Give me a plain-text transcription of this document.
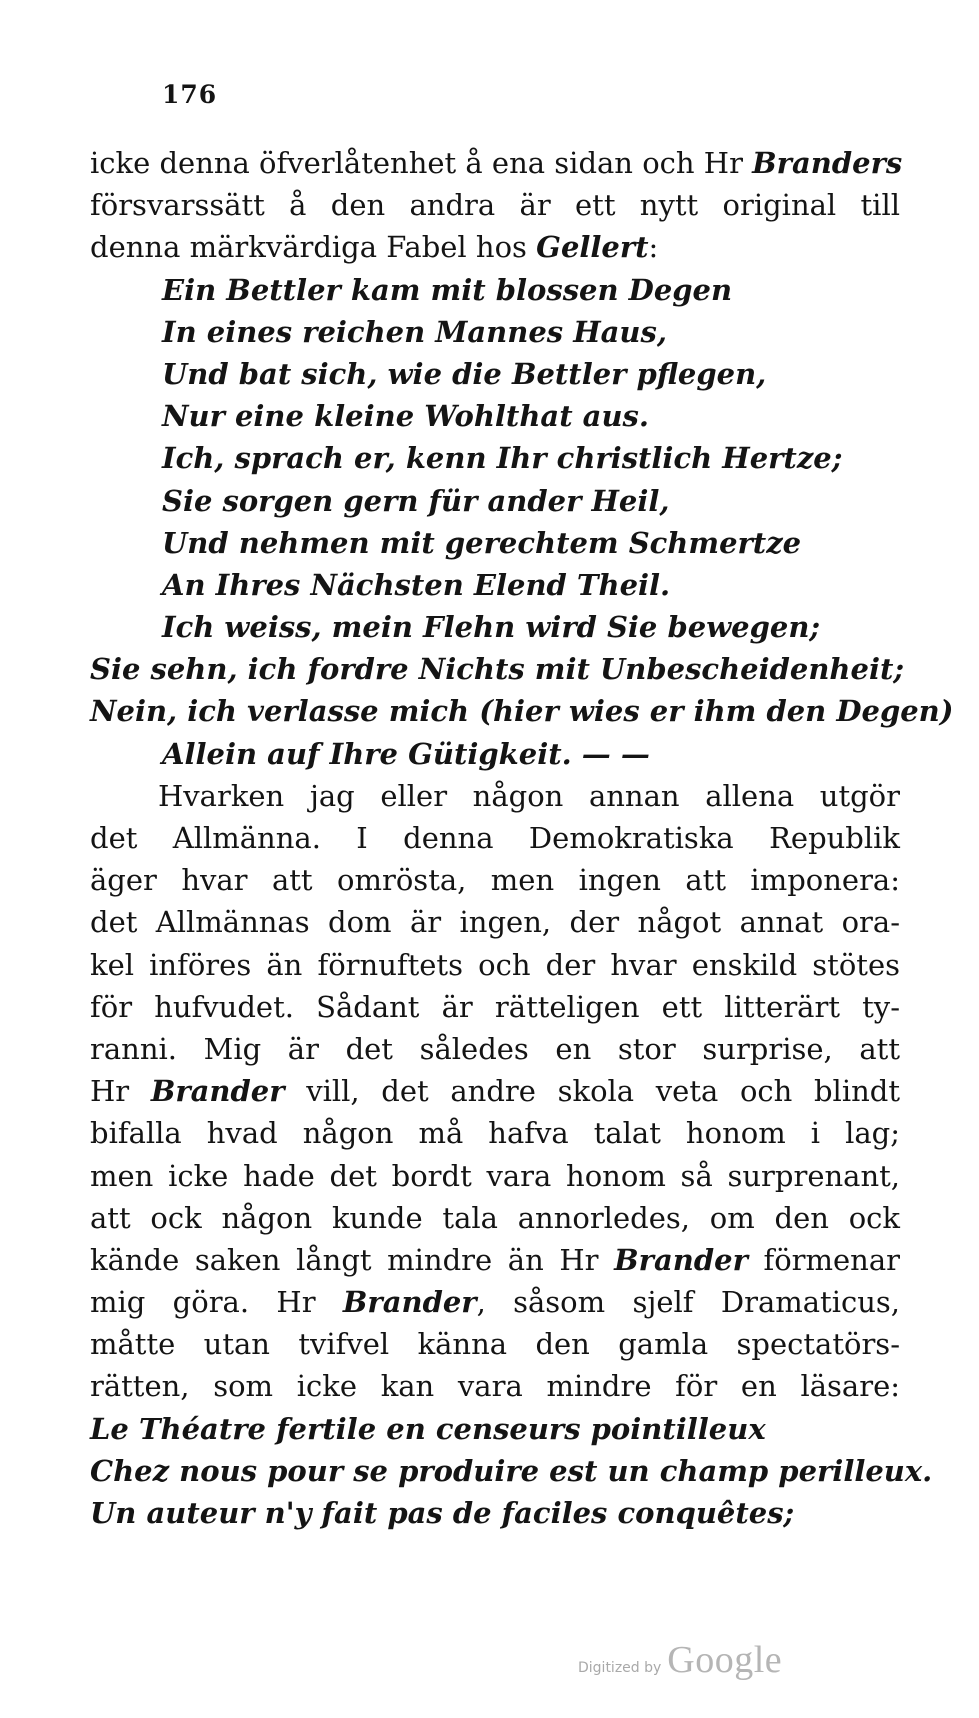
176
icke denna öfverlåtenhet å ena sidan och Hr Branders
försvarssätt å den andra är ett nytt original till
denna märkvärdiga Fabel hos Gellert:
Ein Bettler kam mit blossen Degen
In eines reichen Mannes Haus,
Und bat sich, wie die Bettler pflegen,
Nur eine kleine Wohlthat aus.
Ich, sprach er, kenn Ihr christlich Hertze;
Sie sorgen gern für ander Heil,
Und nehmen mit gerechtem Schmertze
An Ihres Nächsten Elend Theil.
Ich weiss, mein Flehn wird Sie bewegen;
Sie sehn, ich fordre Nichts mit Unbescheidenheit;
Nein, ich verlasse mich (hier wies er ihm den Degen)
Allein auf Ihre Gütigkeit. — —
Hvarken jag eller någon annan allena utgör
det Allmänna. I denna Demokratiska Republik
äger hvar att omrösta, men ingen att imponera:
det Allmännas dom är ingen, der något annat ora-
kel införes än förnuftets och der hvar enskild stötes
för hufvudet. Sådant är rätteligen ett litterärt ty-
ranni. Mig är det således en stor surprise, att
Hr Brander vill, det andre skola veta och blindt
bifalla hvad någon må hafva talat honom i lag;
men icke hade det bordt vara honom så surprenant,
att ock någon kunde tala annorledes, om den ock
kände saken långt mindre än Hr Brander förmenar
mig göra. Hr Brander, såsom sjelf Dramaticus,
måtte utan tvifvel känna den gamla spectatörs-
rätten, som icke kan vara mindre för en läsare:
Le Théatre fertile en censeurs pointilleux
Chez nous pour se produire est un champ perilleux.
Un auteur n'y fait pas de faciles conquêtes;
Digitized by Google
